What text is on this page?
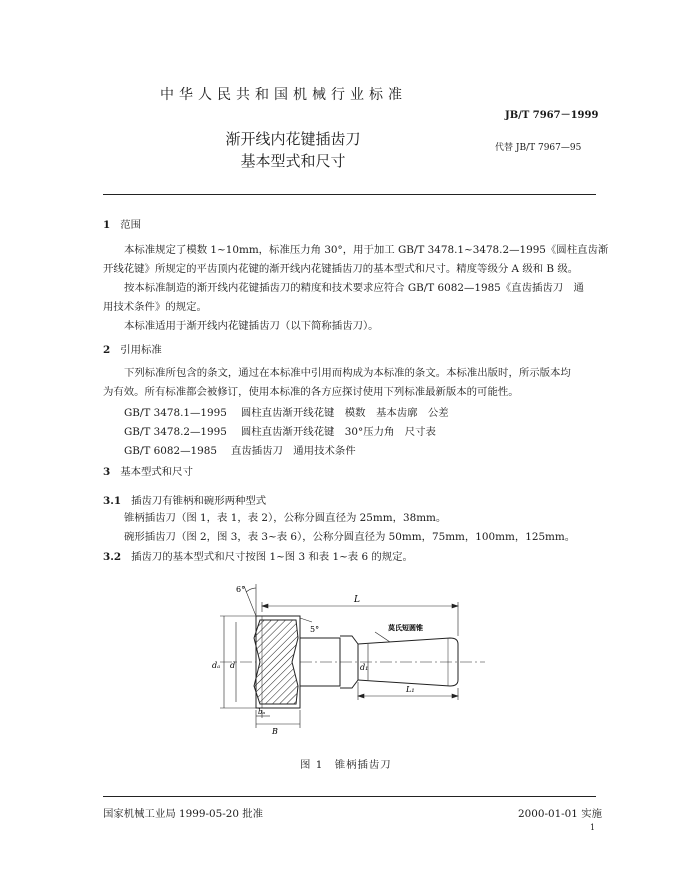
中华人民共和国机械行业标准
JB/T 7967－1999
渐开线内花键插齿刀
基本型式和尺寸
代替 JB/T 7967—95
1 范围
本标准规定了模数 1~10mm，标准压力角 30°，用于加工 GB/T 3478.1~3478.2—1995《圆柱直齿渐
开线花键》所规定的平齿顶内花键的渐开线内花键插齿刀的基本型式和尺寸。精度等级分 A 级和 B 级。
按本标准制造的渐开线内花键插齿刀的精度和技术要求应符合 GB/T 6082—1985《直齿插齿刀　通
用技术条件》的规定。
本标准适用于渐开线内花键插齿刀（以下简称插齿刀）。
2 引用标准
下列标准所包含的条文，通过在本标准中引用而构成为本标准的条文。本标准出版时，所示版本均
为有效。所有标准都会被修订，使用本标准的各方应探讨使用下列标准最新版本的可能性。
GB/T 3478.1—1995 圆柱直齿渐开线花键　模数　基本齿廓　公差
GB/T 3478.2—1995 圆柱直齿渐开线花键　30°压力角　尺寸表
GB/T 6082—1985 直齿插齿刀　通用技术条件
3 基本型式和尺寸
3.1 插齿刀有锥柄和碗形两种型式
锥柄插齿刀（图 1，表 1，表 2），公称分圆直径为 25mm，38mm。
碗形插齿刀（图 2，图 3，表 3~表 6），公称分圆直径为 50mm，75mm，100mm，125mm。
3.2 插齿刀的基本型式和尺寸按图 1~图 3 和表 1~表 6 的规定。
6°
5°
L
莫氏短圆锥
dₐ d	d₁
L₁
bₐ
B
图 1　锥柄插齿刀
国家机械工业局 1999-05-20 批准	2000-01-01 实施
1
